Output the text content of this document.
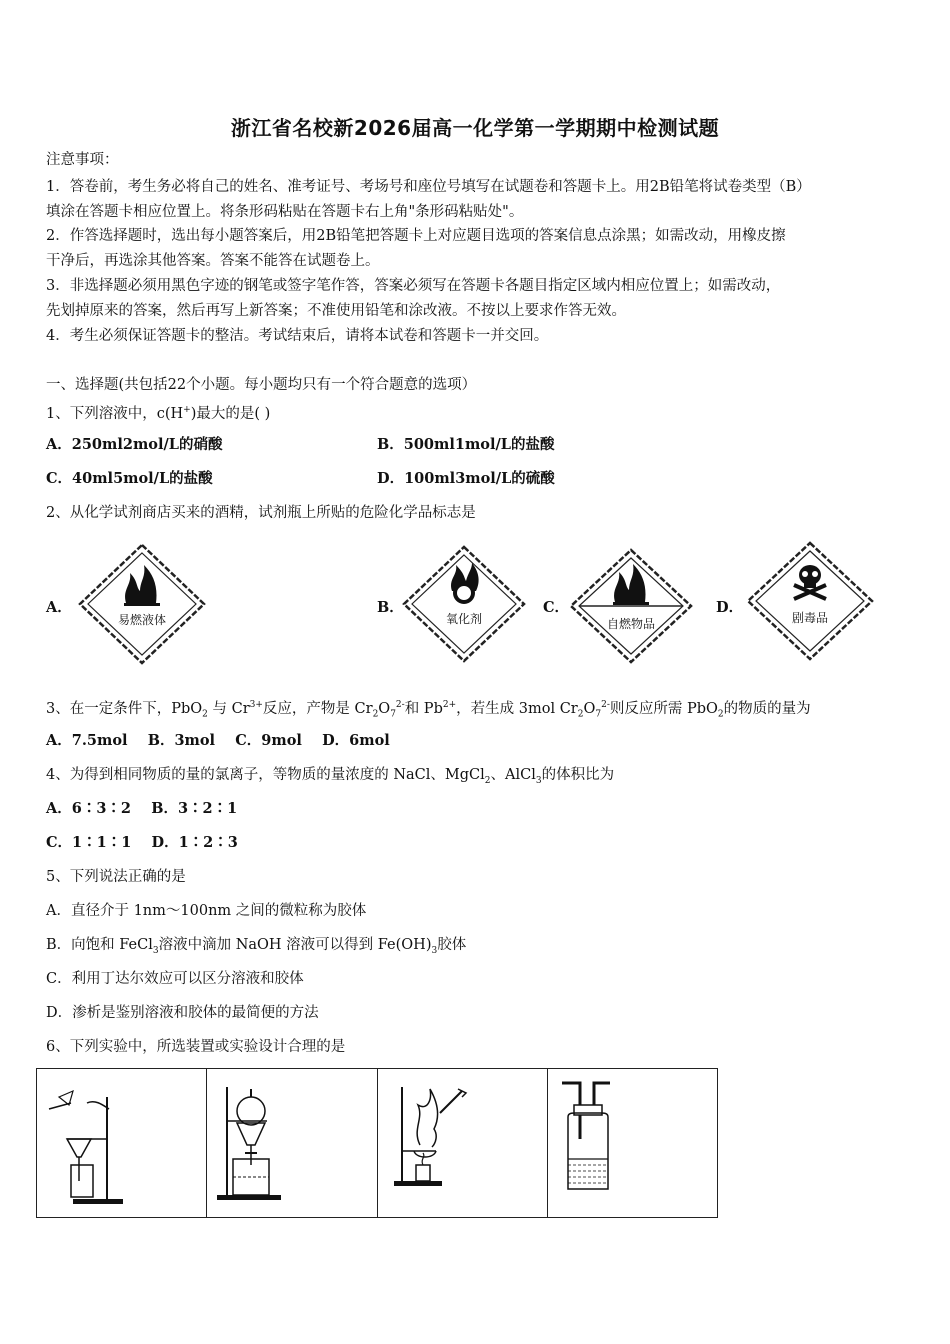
浙江省名校新2026届高一化学第一学期期中检测试题
注意事项：
1．答卷前，考生务必将自己的姓名、准考证号、考场号和座位号填写在试题卷和答题卡上。用2B铅笔将试卷类型（B）
填涂在答题卡相应位置上。将条形码粘贴在答题卡右上角"条形码粘贴处"。
2．作答选择题时，选出每小题答案后，用2B铅笔把答题卡上对应题目选项的答案信息点涂黑；如需改动，用橡皮擦
干净后，再选涂其他答案。答案不能答在试题卷上。
3．非选择题必须用黑色字迹的钢笔或签字笔作答，答案必须写在答题卡各题目指定区域内相应位置上；如需改动，
先划掉原来的答案，然后再写上新答案；不准使用铅笔和涂改液。不按以上要求作答无效。
4．考生必须保证答题卡的整洁。考试结束后，请将本试卷和答题卡一并交回。
一、选择题(共包括22个小题。每小题均只有一个符合题意的选项）
1、下列溶液中，c(H+)最大的是( )
A．250ml2mol/L的硝酸	B．500ml1mol/L的盐酸
C．40ml5mol/L的盐酸	D．100ml3mol/L的硫酸
2、从化学试剂商店买来的酒精，试剂瓶上所贴的危险化学品标志是
A．
易燃液体
B．
氧化剂
C．
自燃物品
D．
剧毒品
3、在一定条件下，PbO$_2$ 与 $Cr^{3+}$反应，产物是 $Cr_2O_7^{2-}$和 $Pb^{2+}$，若生成 3mol $Cr_2O_7^{2-}$则反应所需 PbO$_2$的物质的量为
A．7.5mol    B．3mol    C．9mol    D．6mol
4、为得到相同物质的量的氯离子，等物质的量浓度的 NaCl、MgCl$_2$、AlCl$_3$的体积比为
A．6∶3∶2    B．3∶2∶1
C．1∶1∶1    D．1∶2∶3
5、下列说法正确的是
A．直径介于 1nm～100nm 之间的微粒称为胶体
B．向饱和 FeCl$_3$溶液中滴加 NaOH 溶液可以得到 $Fe(OH)_3$胶体
C．利用丁达尔效应可以区分溶液和胶体
D．渗析是鉴别溶液和胶体的最简便的方法
6、下列实验中，所选装置或实验设计合理的是
